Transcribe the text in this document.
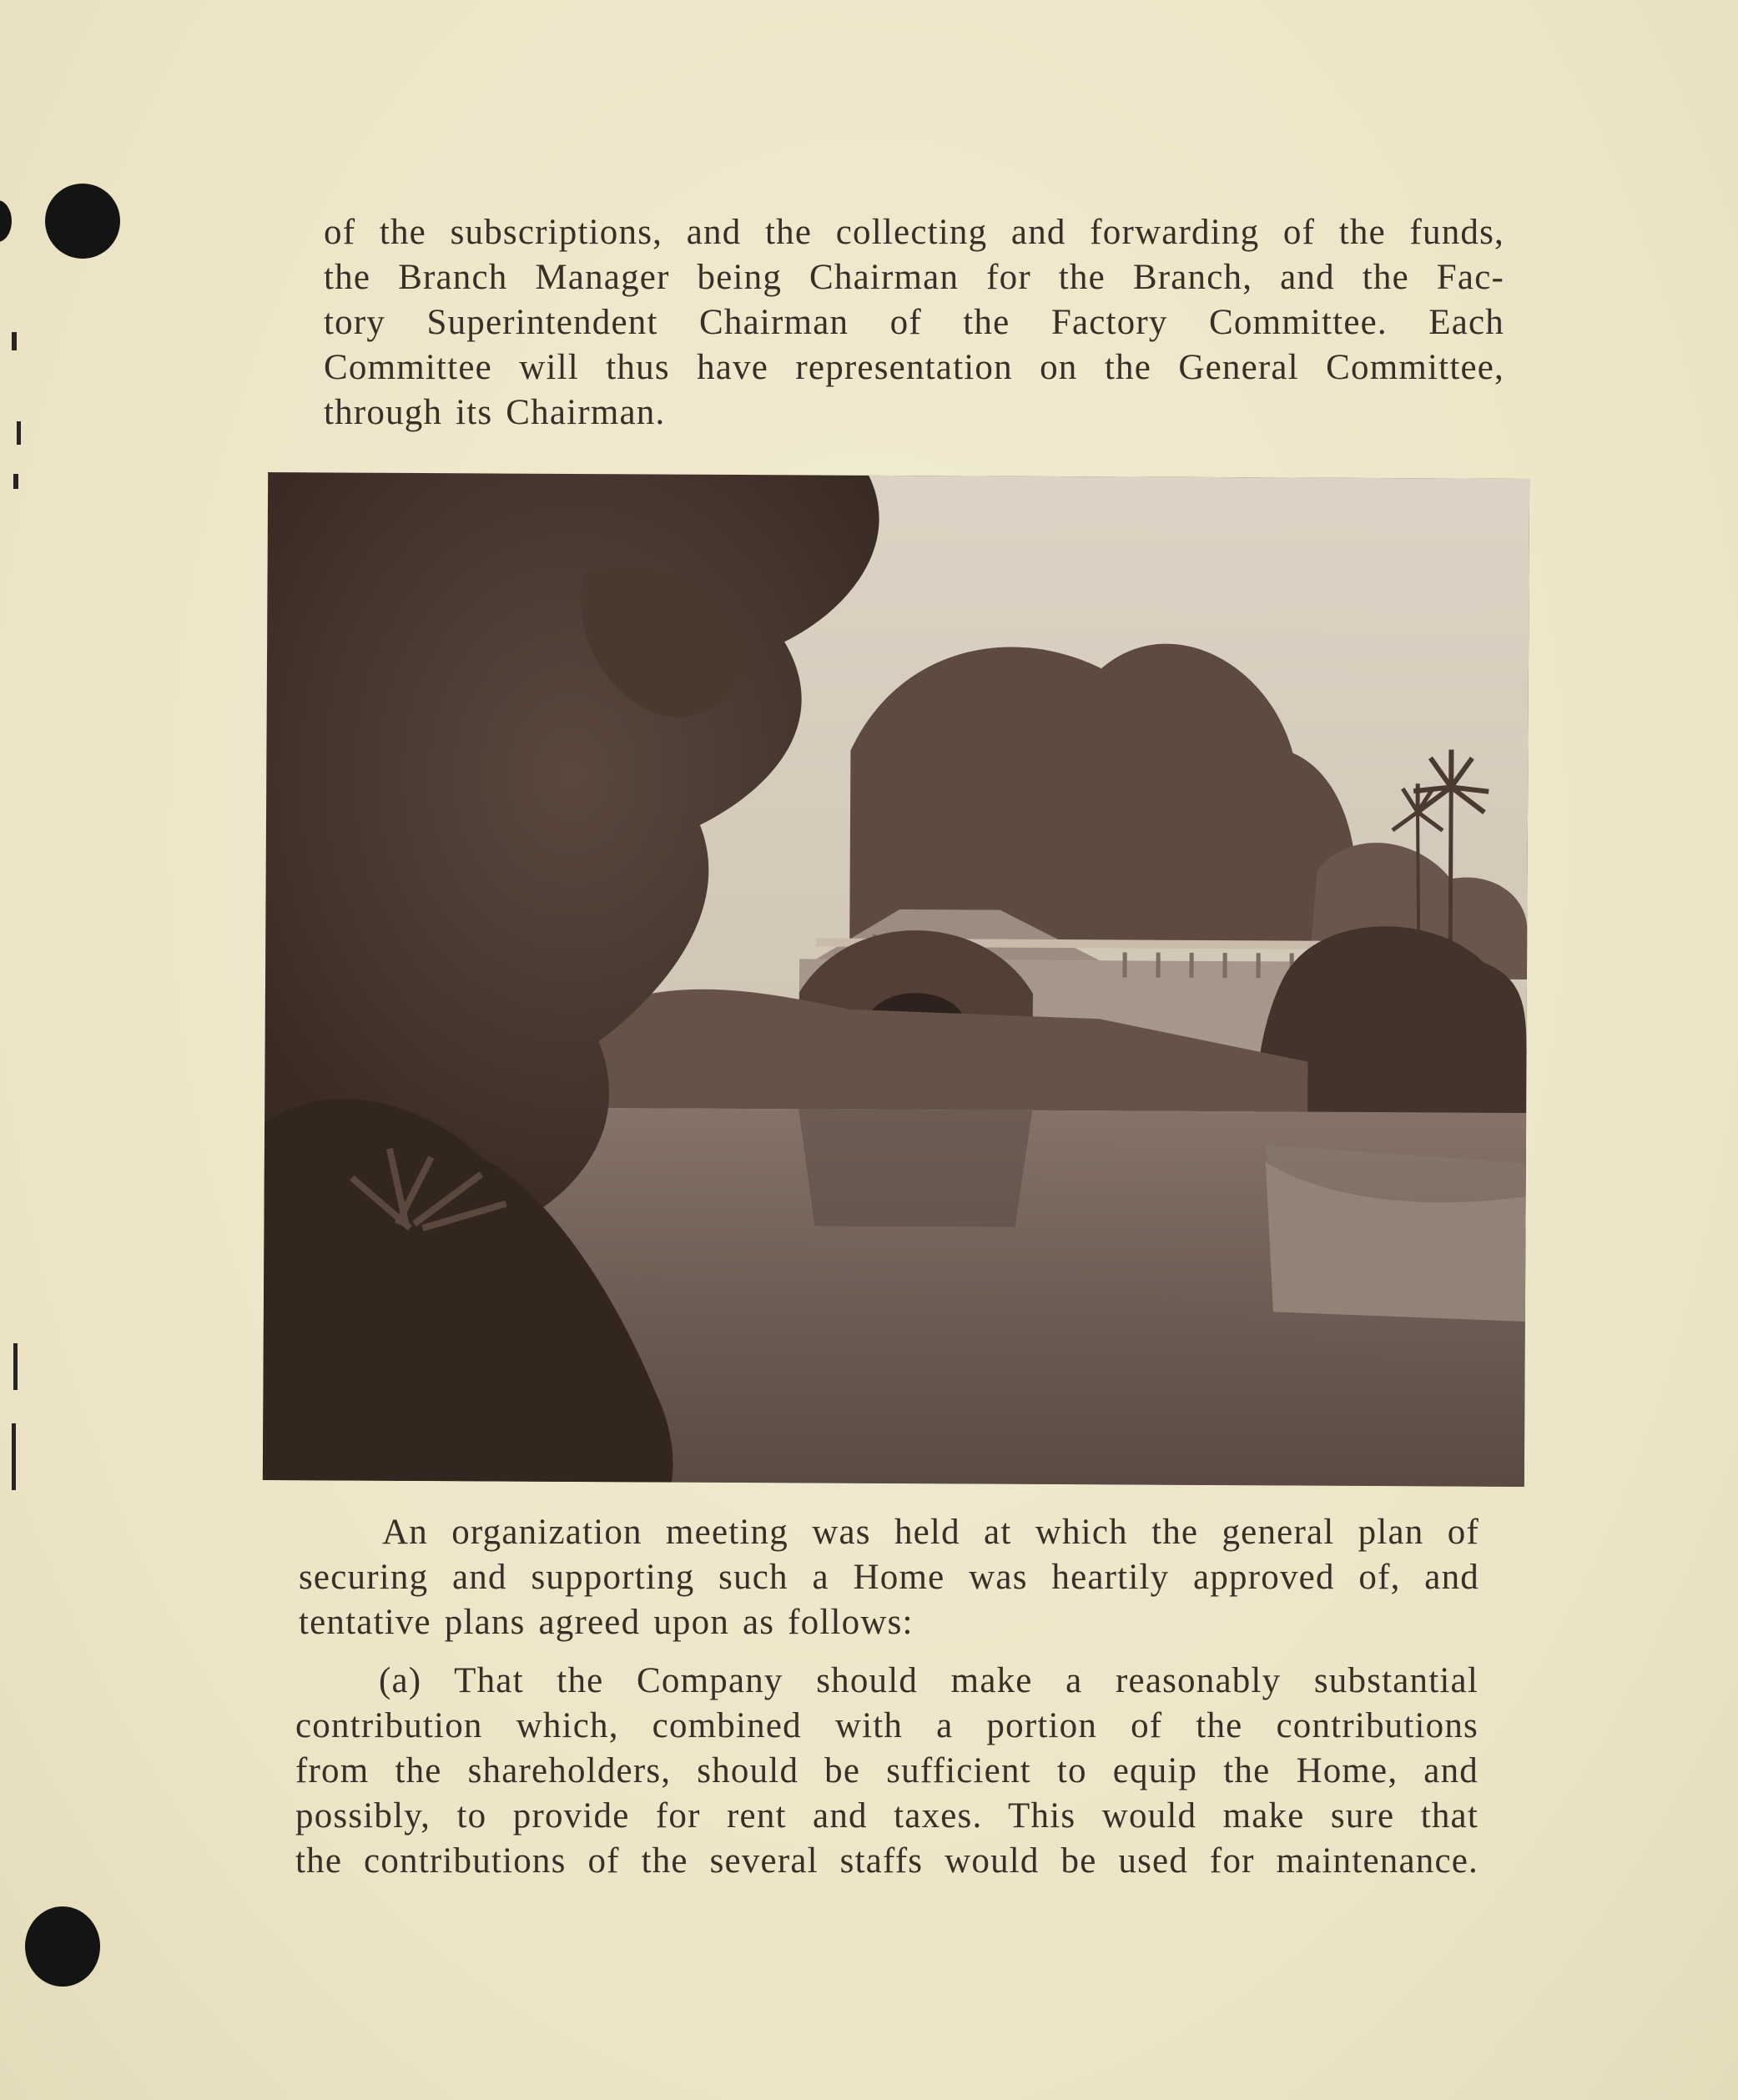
of the subscriptions, and the collecting and forwarding of the funds,
the Branch Manager being Chairman for the Branch, and the Fac-
tory Superintendent Chairman of the Factory Committee. Each
Committee will thus have representation on the General Committee,
through its Chairman.
An organization meeting was held at which the general plan of
securing and supporting such a Home was heartily approved of, and
tentative plans agreed upon as follows:
(a) That the Company should make a reasonably substantial
contribution which, combined with a portion of the contributions
from the shareholders, should be sufficient to equip the Home, and
possibly, to provide for rent and taxes. This would make sure that
the contributions of the several staffs would be used for maintenance.
